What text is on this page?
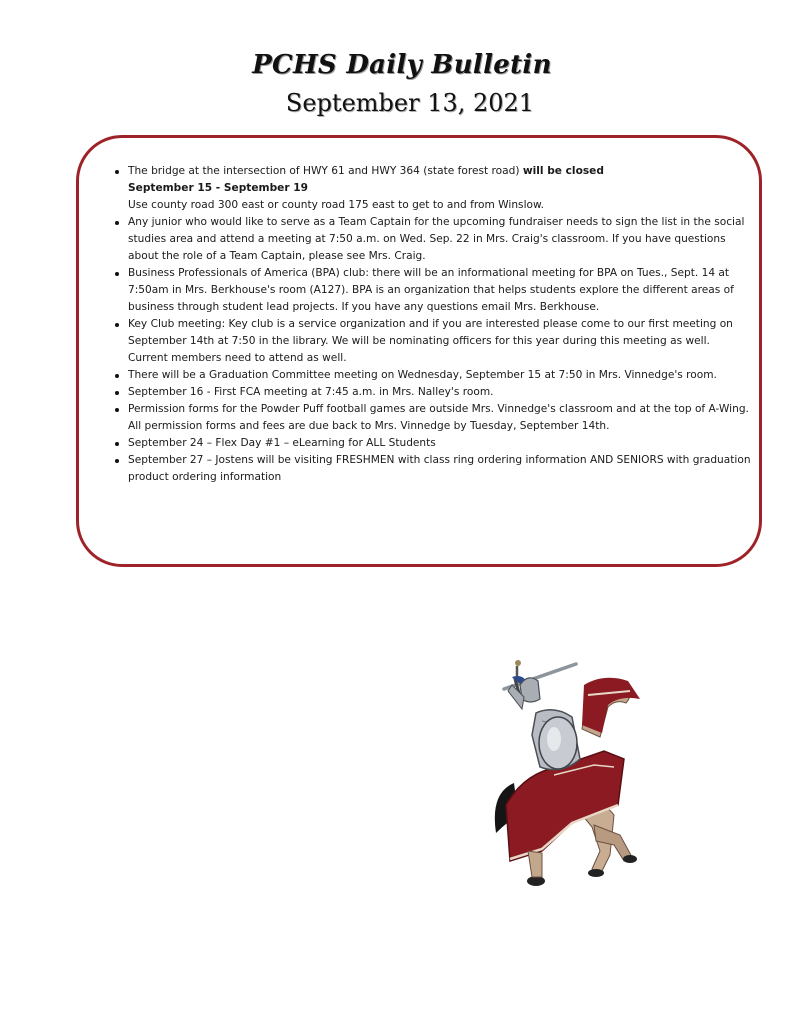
PCHS Daily Bulletin
September 13, 2021
The bridge at the intersection of HWY 61 and HWY 364 (state forest road) will be closed
September 15 - September 19
Use county road 300 east or county road 175 east to get to and from Winslow.
Any junior who would like to serve as a Team Captain for the upcoming fundraiser needs to sign the list in the social studies area and attend a meeting at 7:50 a.m. on Wed. Sep. 22 in Mrs. Craig's classroom. If you have questions about the role of a Team Captain, please see Mrs. Craig.
Business Professionals of America (BPA) club: there will be an informational meeting for BPA on Tues., Sept. 14 at 7:50am in Mrs. Berkhouse's room (A127). BPA is an organization that helps students explore the different areas of business through student lead projects. If you have any questions email Mrs. Berkhouse.
Key Club meeting: Key club is a service organization and if you are interested please come to our first meeting on September 14th at 7:50 in the library. We will be nominating officers for this year during this meeting as well. Current members need to attend as well.
There will be a Graduation Committee meeting on Wednesday, September 15 at 7:50 in Mrs. Vinnedge's room.
September 16 - First FCA meeting at 7:45 a.m. in Mrs. Nalley's room.
Permission forms for the Powder Puff football games are outside Mrs. Vinnedge's classroom and at the top of A-Wing. All permission forms and fees are due back to Mrs. Vinnedge by Tuesday, September 14th.
September 24 – Flex Day #1 – eLearning for ALL Students
September 27 – Jostens will be visiting FRESHMEN with class ring ordering information AND SENIORS with graduation product ordering information
